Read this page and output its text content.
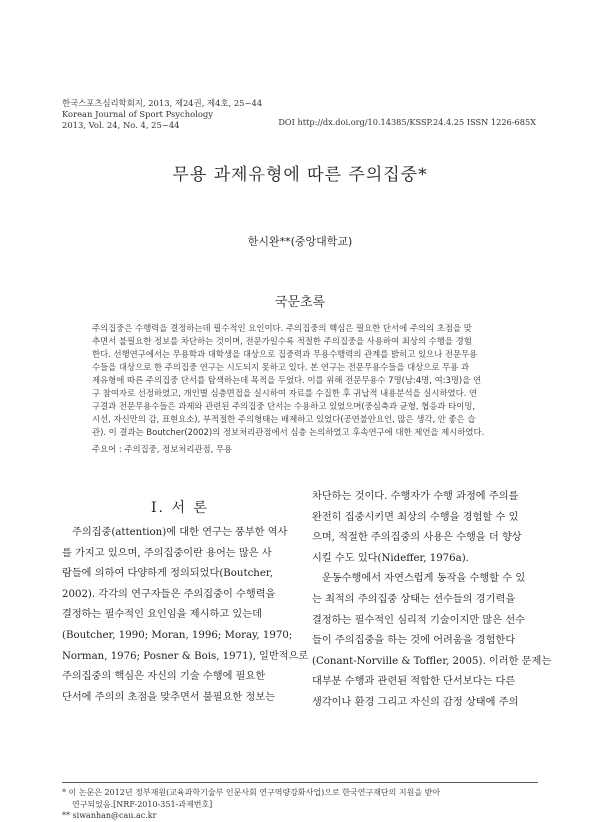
한국스포츠심리학회지, 2013, 제24권, 제4호, 25~44
Korean Journal of Sport Psychology
2013, Vol. 24, No. 4, 25~44	DOI http://dx.doi.org/10.14385/KSSP.24.4.25 ISSN 1226-685X
무용 과제유형에 따른 주의집중*
한시완**(중앙대학교)
국문초록
주의집중은 수행력을 결정하는데 필수적인 요인이다. 주의집중의 핵심은 필요한 단서에 주의의 초점을 맞
추면서 불필요한 정보를 차단하는 것이며, 전문가일수록 적절한 주의집중을 사용하여 최상의 수행을 경험
한다. 선행연구에서는 무용학과 대학생을 대상으로 집중력과 무용수행력의 관계를 밝히고 있으나 전문무용
수들을 대상으로 한 주의집중 연구는 시도되지 못하고 있다. 본 연구는 전문무용수들을 대상으로 무용 과
제유형에 따른 주의집중 단서를 탐색하는데 목적을 두었다. 이를 위해 전문무용수 7명(남:4명, 여:3명)을 연
구 참여자로 선정하였고, 개인별 심층면접을 실시하여 자료를 수집한 후 귀납적 내용분석을 실시하였다. 연
구결과 전문무용수들은 과제와 관련된 주의집중 단서는 수용하고 있었으며(중심축과 균형, 협응과 타이밍,
시선, 자신만의 감, 표현요소), 부적절한 주의형태는 배제하고 있었다(공연불안요인, 많은 생각, 안 좋은 습
관). 이 결과는 Boutcher(2002)의 정보처리관점에서 심층 논의하였고 후속연구에 대한 제언을 제시하였다.
주요어 : 주의집중, 정보처리관점, 무용
I. 서 론
주의집중(attention)에 대한 연구는 풍부한 역사
를 가지고 있으며, 주의집중이란 용어는 많은 사
람들에 의하여 다양하게 정의되었다(Boutcher,
2002). 각각의 연구자들은 주의집중이 수행력을
결정하는 필수적인 요인임을 제시하고 있는데
(Boutcher, 1990; Moran, 1996; Moray, 1970;
Norman, 1976; Posner & Bois, 1971), 일반적으로
주의집중의 핵심은 자신의 기술 수행에 필요한
단서에 주의의 초점을 맞추면서 불필요한 정보는
차단하는 것이다. 수행자가 수행 과정에 주의를
완전히 집중시키면 최상의 수행을 경험할 수 있
으며, 적절한 주의집중의 사용은 수행을 더 향상
시킬 수도 있다(Nideffer, 1976a).
운동수행에서 자연스럽게 동작을 수행할 수 있
는 최적의 주의집중 상태는 선수들의 경기력을
결정하는 필수적인 심리적 기술이지만 많은 선수
들이 주의집중을 하는 것에 어려움을 경험한다
(Conant-Norville & Toffler, 2005). 이러한 문제는
대부분 수행과 관련된 적합한 단서보다는 다른
생각이나 환경 그리고 자신의 감정 상태에 주의
* 이 논문은 2012년 정부재원(교육과학기술부 인문사회 연구역량강화사업)으로 한국연구재단의 지원을 받아
연구되었음.[NRF-2010-351-과제번호]
** siwanhan@cau.ac.kr
